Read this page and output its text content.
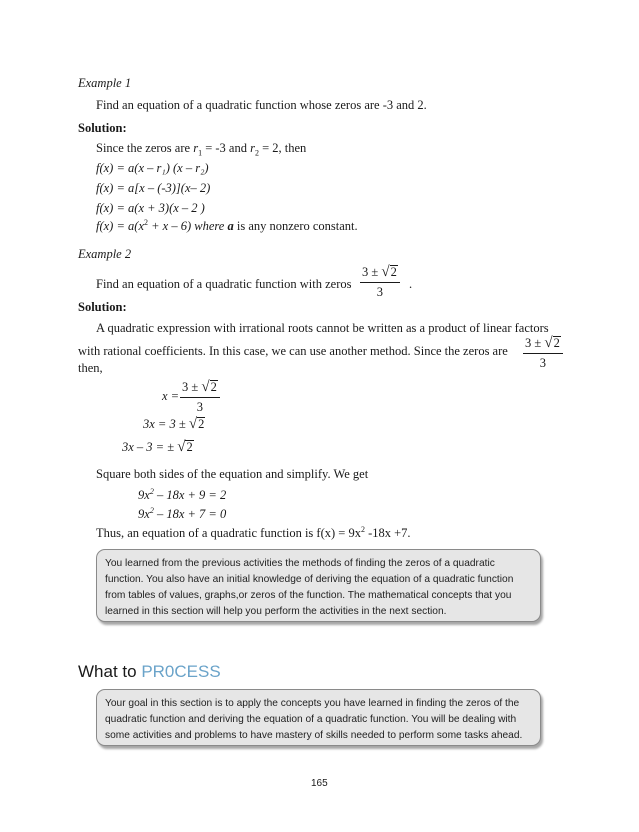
Example 1
Find an equation of a quadratic function whose zeros are -3 and 2.
Solution:
Since the zeros are $r_1 = -3$ and $r_2 = 2$, then
f(x) = a(x – r₁) (x – r₂)
f(x) = a[x – (-3)](x– 2)
f(x) = a(x + 3)(x – 2 )
$f(x) = a(x^2 + x - 6)$ where a is any nonzero constant.
Example 2
Find an equation of a quadratic function with zeros $\frac{3 \pm √ 2}{3}$ .
Solution:
A quadratic expression with irrational roots cannot be written as a product of linear factors
with rational coefficients. In this case, we can use another method. Since the zeros are $\frac{3 \pm √ 2}{3}$
then,
$x = \frac{3 \pm √ 2}{3}$
3x = 3 ± √ 2
3x – 3 = ± √ 2
Square both sides of the equation and simplify. We get
$9x^2 - 18x + 9 = 2$
$9x^2 - 18x + 7 = 0$
Thus, an equation of a quadratic function is $f(x) = 9x^2$ -18x +7.

You learned from the previous activities the methods of finding the zeros of a quadratic

function. You also have an initial knowledge of deriving the equation of a quadratic function

from tables of values, graphs,or zeros of the function. The mathematical concepts that you

learned in this section will help you perform the activities in the next section.

What to PR0CESS

Your goal in this section is to apply the concepts you have learned in finding the zeros of the

quadratic function and deriving the equation of a quadratic function. You will be dealing with

some activities and problems to have mastery of skills needed to perform some tasks ahead.

165
